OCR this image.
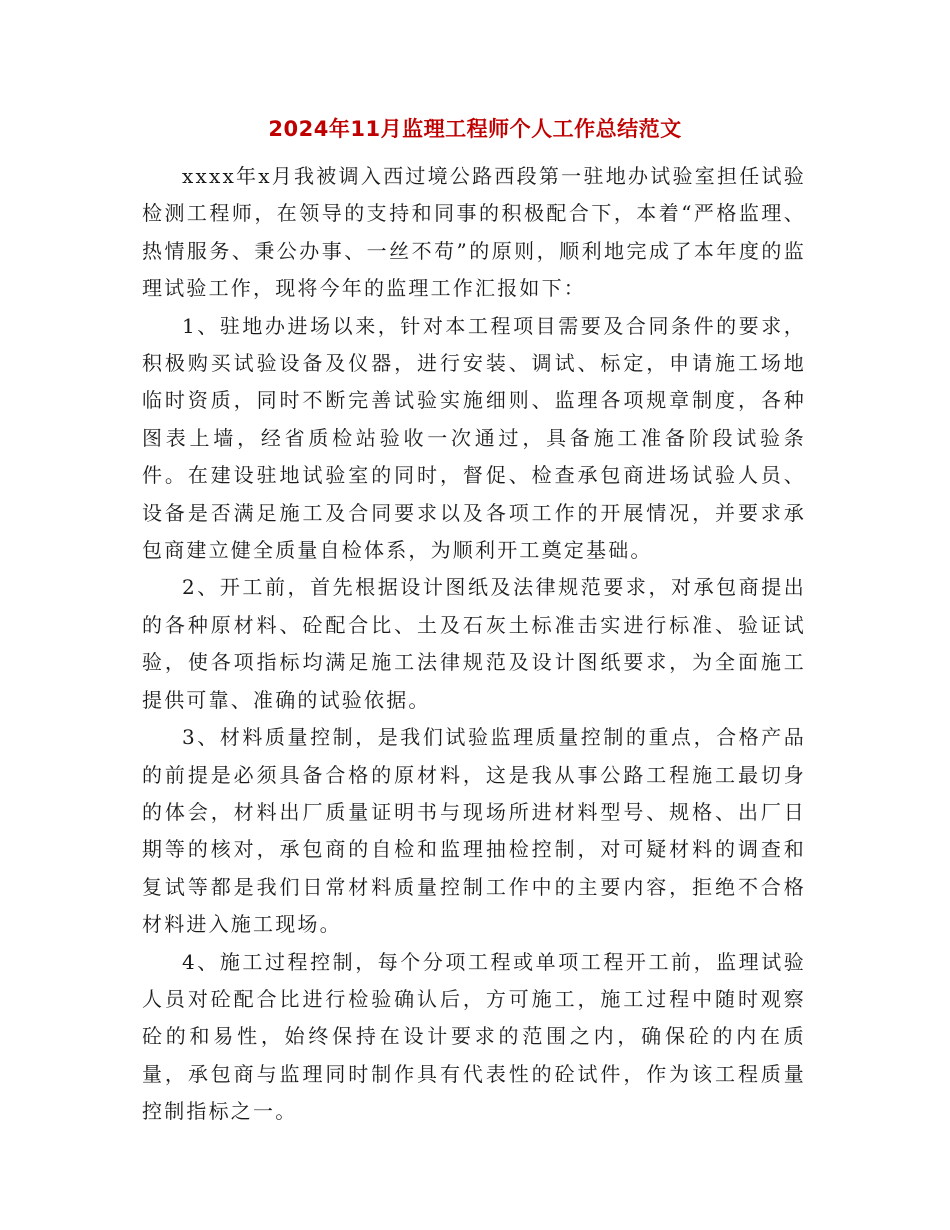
2024年11月监理工程师个人工作总结范文

xxxx年x月我被调入西过境公路西段第一驻地办试验室担任试验检测工程师，在领导的支持和同事的积极配合下，本着“严格监理、热情服务、秉公办事、一丝不苟”的原则，顺利地完成了本年度的监理试验工作，现将今年的监理工作汇报如下：

1、驻地办进场以来，针对本工程项目需要及合同条件的要求，积极购买试验设备及仪器，进行安装、调试、标定，申请施工场地临时资质，同时不断完善试验实施细则、监理各项规章制度，各种图表上墙，经省质检站验收一次通过，具备施工准备阶段试验条件。在建设驻地试验室的同时，督促、检查承包商进场试验人员、设备是否满足施工及合同要求以及各项工作的开展情况，并要求承包商建立健全质量自检体系，为顺利开工奠定基础。

2、开工前，首先根据设计图纸及法律规范要求，对承包商提出的各种原材料、砼配合比、土及石灰土标准击实进行标准、验证试验，使各项指标均满足施工法律规范及设计图纸要求，为全面施工提供可靠、准确的试验依据。

3、材料质量控制，是我们试验监理质量控制的重点，合格产品的前提是必须具备合格的原材料，这是我从事公路工程施工最切身的体会，材料出厂质量证明书与现场所进材料型号、规格、出厂日期等的核对，承包商的自检和监理抽检控制，对可疑材料的调查和复试等都是我们日常材料质量控制工作中的主要内容，拒绝不合格材料进入施工现场。

4、施工过程控制，每个分项工程或单项工程开工前，监理试验人员对砼配合比进行检验确认后，方可施工，施工过程中随时观察砼的和易性，始终保持在设计要求的范围之内，确保砼的内在质量，承包商与监理同时制作具有代表性的砼试件，作为该工程质量控制指标之一。
